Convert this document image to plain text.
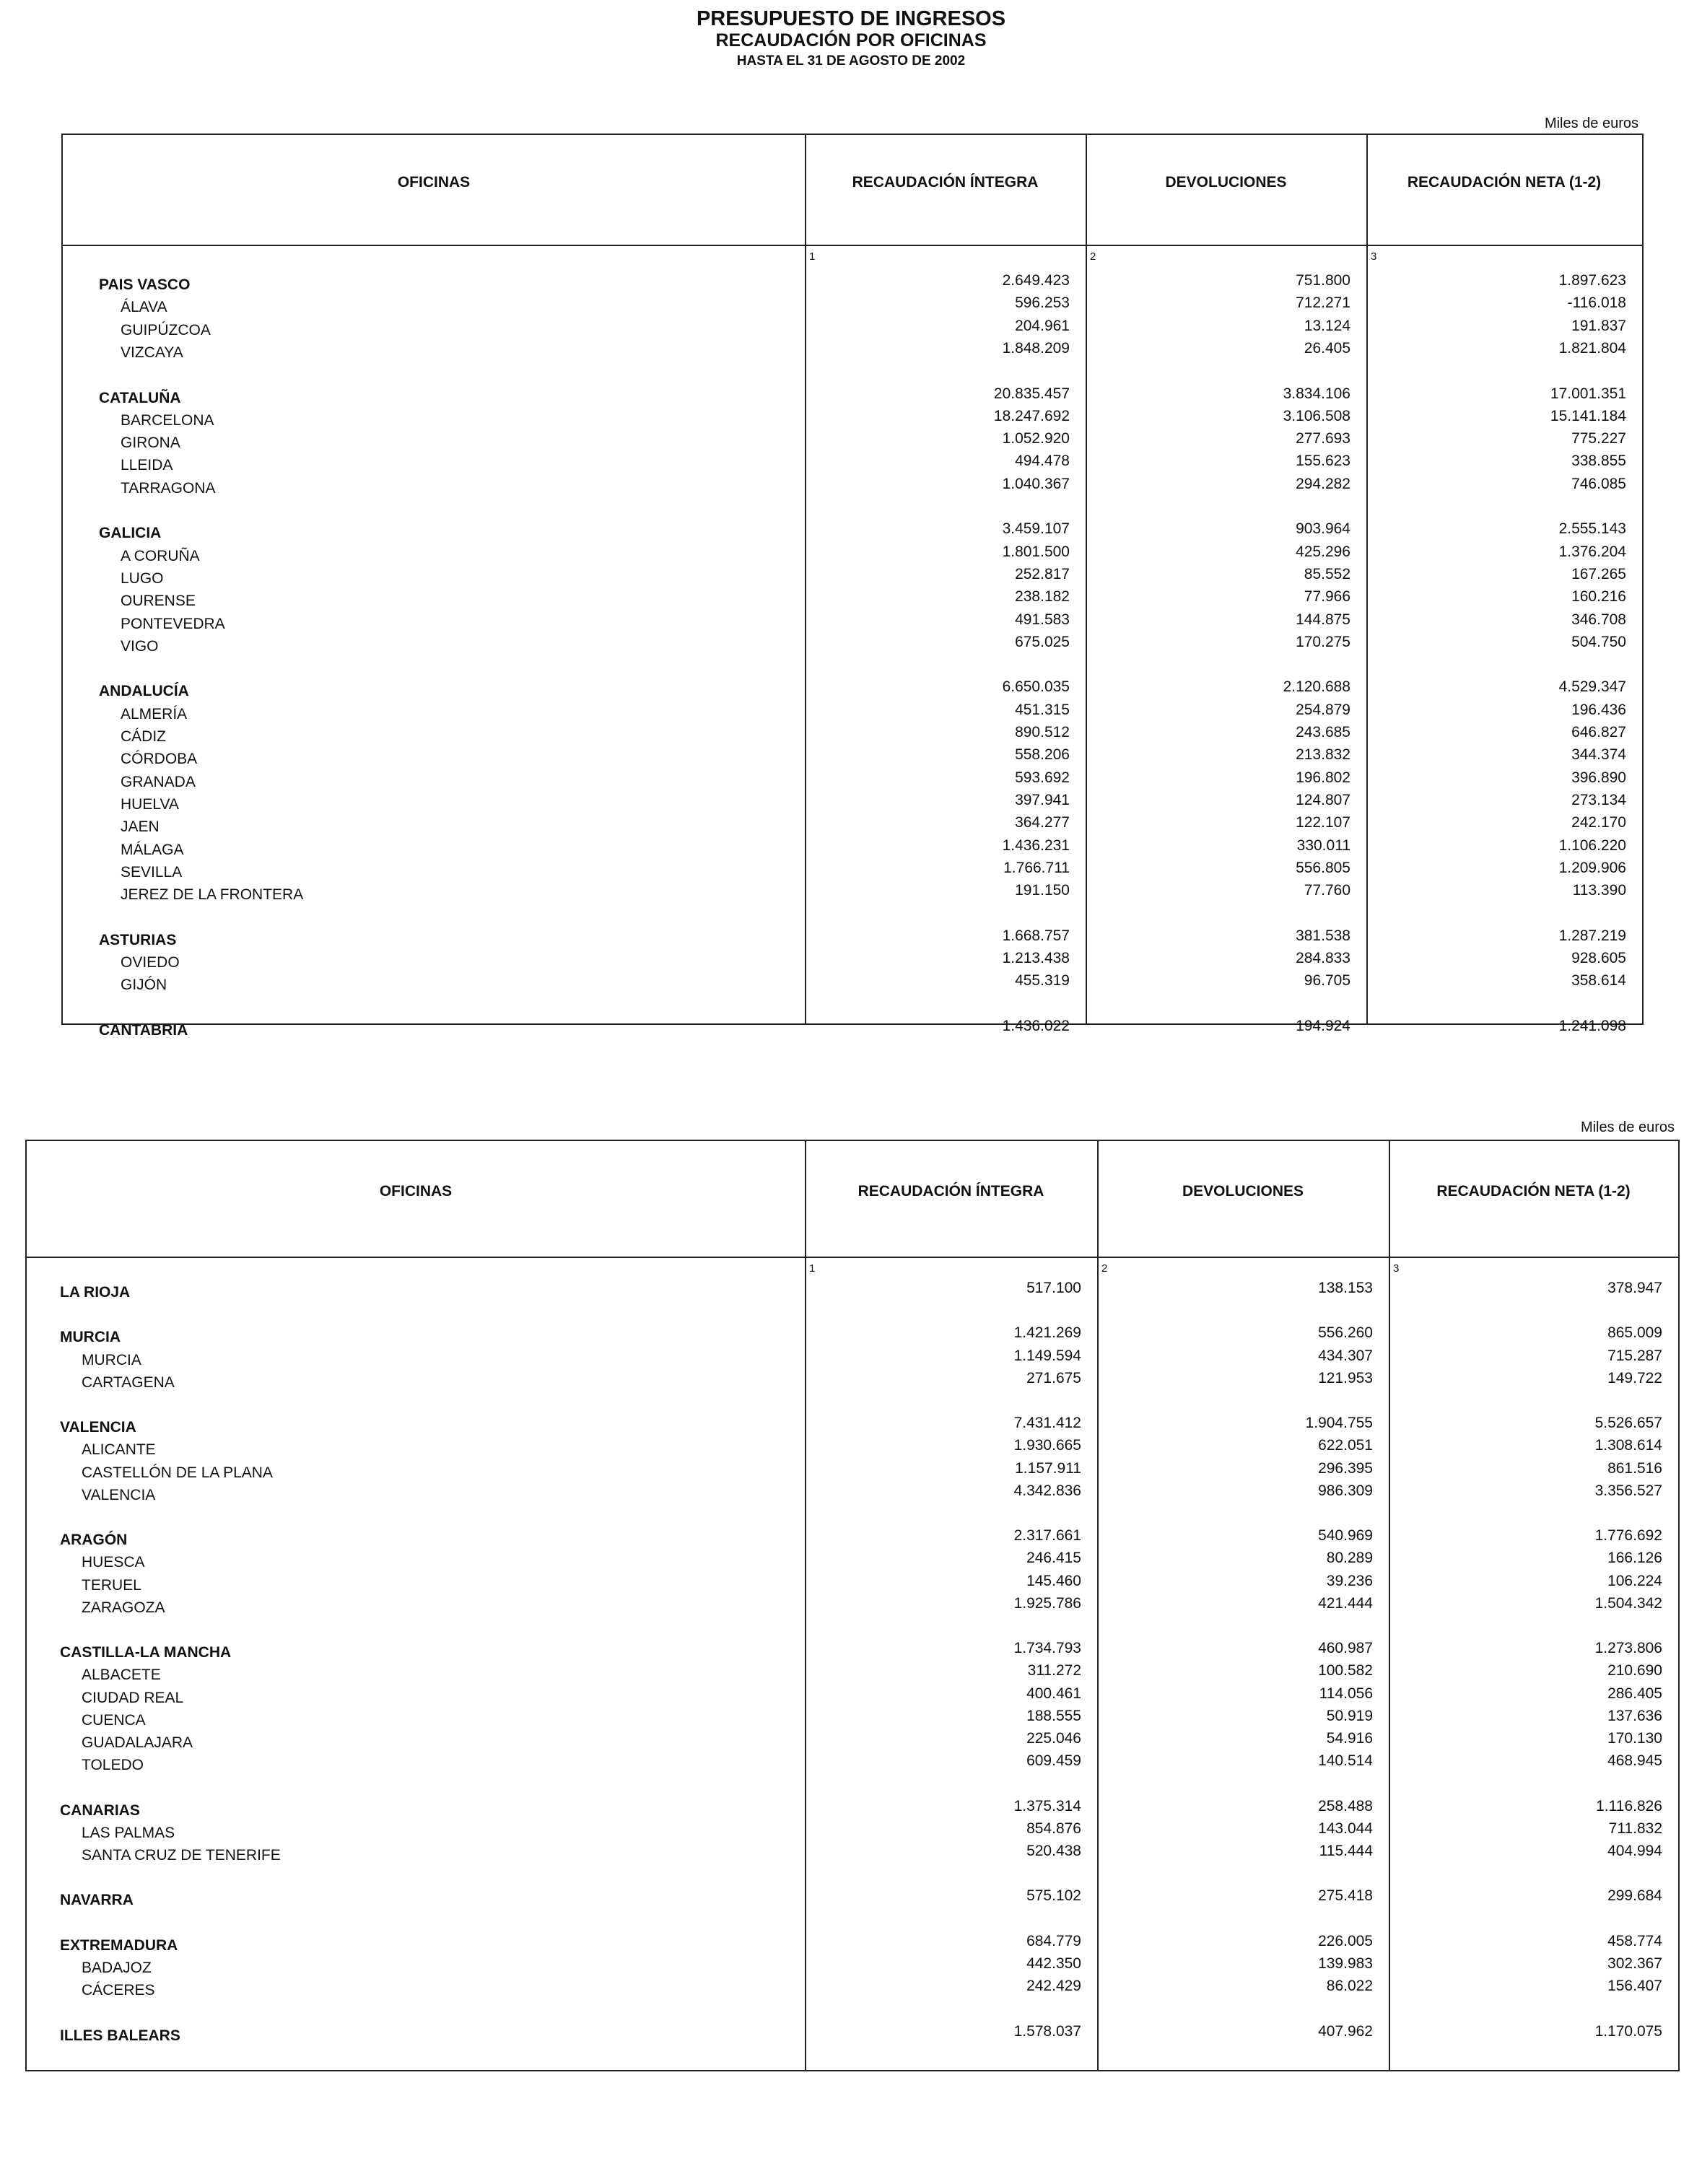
PRESUPUESTO DE INGRESOS
RECAUDACIÓN POR OFICINAS
HASTA EL 31 DE AGOSTO DE 2002
Miles de euros
OFICINAS	RECAUDACIÓN ÍNTEGRA	DEVOLUCIONES	RECAUDACIÓN NETA (1-2)
1	2	3
PAIS VASCO	2.649.423	751.800	1.897.623
ÁLAVA	596.253	712.271	-116.018
GUIPÚZCOA	204.961	13.124	191.837
VIZCAYA	1.848.209	26.405	1.821.804
CATALUÑA	20.835.457	3.834.106	17.001.351
BARCELONA	18.247.692	3.106.508	15.141.184
GIRONA	1.052.920	277.693	775.227
LLEIDA	494.478	155.623	338.855
TARRAGONA	1.040.367	294.282	746.085
GALICIA	3.459.107	903.964	2.555.143
A CORUÑA	1.801.500	425.296	1.376.204
LUGO	252.817	85.552	167.265
OURENSE	238.182	77.966	160.216
PONTEVEDRA	491.583	144.875	346.708
VIGO	675.025	170.275	504.750
ANDALUCÍA	6.650.035	2.120.688	4.529.347
ALMERÍA	451.315	254.879	196.436
CÁDIZ	890.512	243.685	646.827
CÓRDOBA	558.206	213.832	344.374
GRANADA	593.692	196.802	396.890
HUELVA	397.941	124.807	273.134
JAEN	364.277	122.107	242.170
MÁLAGA	1.436.231	330.011	1.106.220
SEVILLA	1.766.711	556.805	1.209.906
JEREZ DE LA FRONTERA	191.150	77.760	113.390
ASTURIAS	1.668.757	381.538	1.287.219
OVIEDO	1.213.438	284.833	928.605
GIJÓN	455.319	96.705	358.614
CANTABRIA	1.436.022	194.924	1.241.098
Miles de euros
OFICINAS	RECAUDACIÓN ÍNTEGRA	DEVOLUCIONES	RECAUDACIÓN NETA (1-2)
1	2	3
LA RIOJA	517.100	138.153	378.947
MURCIA	1.421.269	556.260	865.009
MURCIA	1.149.594	434.307	715.287
CARTAGENA	271.675	121.953	149.722
VALENCIA	7.431.412	1.904.755	5.526.657
ALICANTE	1.930.665	622.051	1.308.614
CASTELLÓN DE LA PLANA	1.157.911	296.395	861.516
VALENCIA	4.342.836	986.309	3.356.527
ARAGÓN	2.317.661	540.969	1.776.692
HUESCA	246.415	80.289	166.126
TERUEL	145.460	39.236	106.224
ZARAGOZA	1.925.786	421.444	1.504.342
CASTILLA-LA MANCHA	1.734.793	460.987	1.273.806
ALBACETE	311.272	100.582	210.690
CIUDAD REAL	400.461	114.056	286.405
CUENCA	188.555	50.919	137.636
GUADALAJARA	225.046	54.916	170.130
TOLEDO	609.459	140.514	468.945
CANARIAS	1.375.314	258.488	1.116.826
LAS PALMAS	854.876	143.044	711.832
SANTA CRUZ DE TENERIFE	520.438	115.444	404.994
NAVARRA	575.102	275.418	299.684
EXTREMADURA	684.779	226.005	458.774
BADAJOZ	442.350	139.983	302.367
CÁCERES	242.429	86.022	156.407
ILLES BALEARS	1.578.037	407.962	1.170.075
